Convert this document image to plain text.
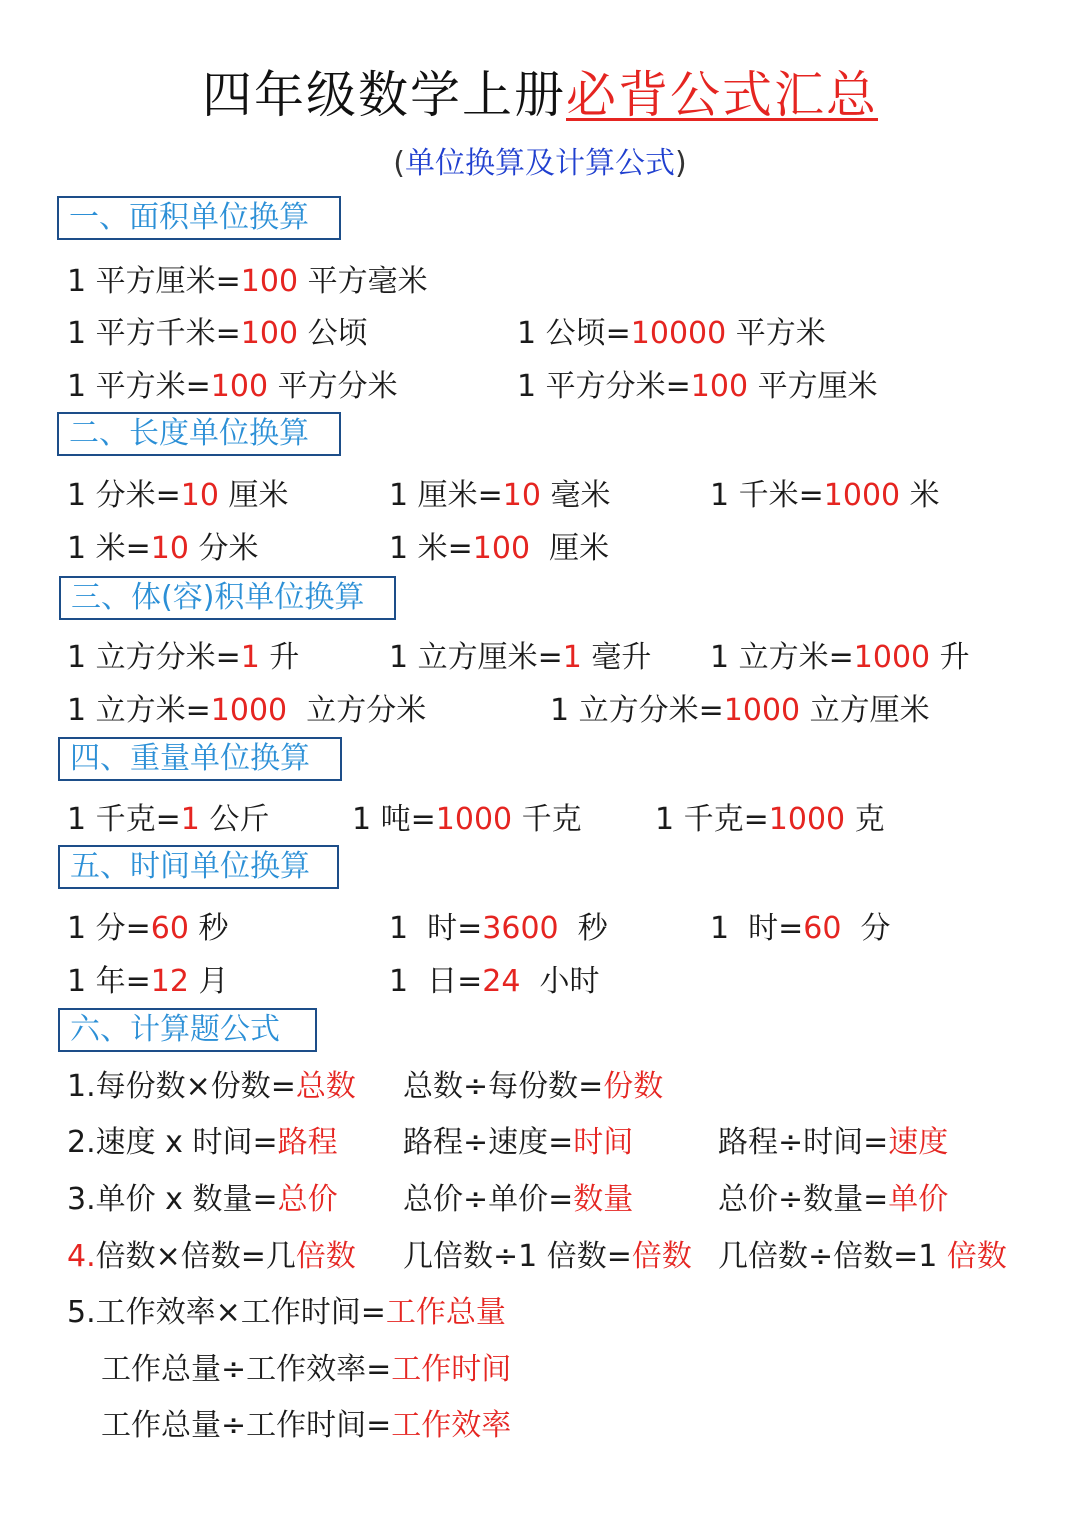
四年级数学上册必背公式汇总
(单位换算及计算公式)
一、面积单位换算
1 平方厘米=100 平方毫米
1 平方千米=100 公顷	1 公顷=10000 平方米
1 平方米=100 平方分米	1 平方分米=100 平方厘米
二、长度单位换算
1 分米=10 厘米	1 厘米=10 毫米	1 千米=1000 米
1 米=10 分米	1 米=100  厘米
三、体(容)积单位换算
1 立方分米=1 升	1 立方厘米=1 毫升 1 立方米=1000 升
1 立方米=1000  立方分米	1 立方分米=1000 立方厘米
四、重量单位换算
1 千克=1 公斤	1 吨=1000 千克 1 千克=1000 克
五、时间单位换算
1 分=60 秒	1  时=3600  秒	1  时=60  分
1 年=12 月	1  日=24  小时
六、计算题公式
1.每份数×份数=总数 总数÷每份数=份数
2.速度 x 时间=路程 路程÷速度=时间	路程÷时间=速度
3.单价 x 数量=总价 总价÷单价=数量	总价÷数量=单价
4.倍数×倍数=几倍数 几倍数÷1 倍数=倍数 几倍数÷倍数=1 倍数
5.工作效率×工作时间=工作总量
工作总量÷工作效率=工作时间
工作总量÷工作时间=工作效率
